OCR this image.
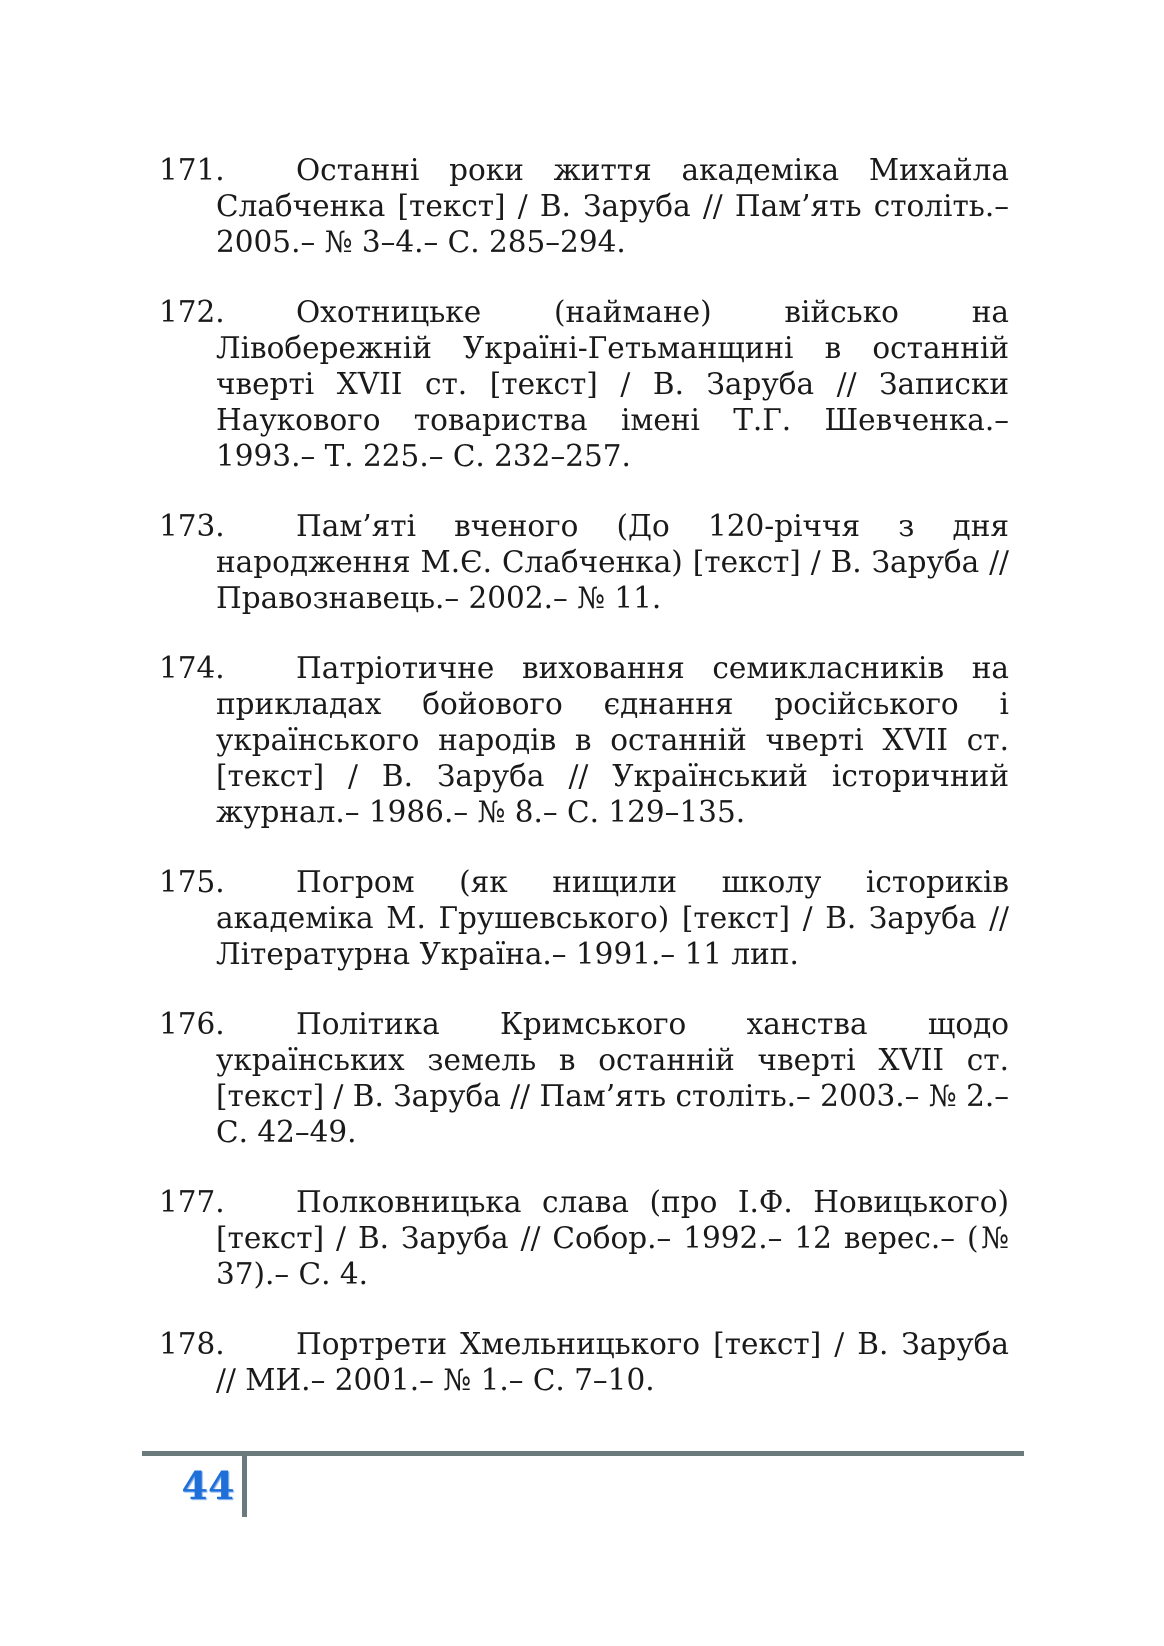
171.	Останні роки життя академіка Михайла Слабченка [текст] / В. Заруба // Пам’ять століть.– 2005.– № 3–4.– С. 285–294.
172.	Охотницьке (наймане) військо на Лівобережній Україні-Гетьманщині в останній чверті XVII ст. [текст] / В. Заруба // Записки Наукового товариства імені Т.Г. Шевченка.– 1993.– Т. 225.– С. 232–257.
173.	Пам’яті вченого (До 120-річчя з дня народження М.Є. Слабченка) [текст] / В. Заруба // Правознавець.– 2002.– № 11.
174.	Патріотичне виховання семикласників на прикладах бойового єднання російського і українського народів в останній чверті XVII ст. [текст] / В. Заруба // Український історичний журнал.– 1986.– № 8.– С. 129–135.
175.	Погром (як нищили школу істориків академіка М. Грушевського) [текст] / В. Заруба // Літературна Україна.– 1991.– 11 лип.
176.	Політика Кримського ханства щодо українських земель в останній чверті XVII ст. [текст] / В. Заруба // Пам’ять століть.– 2003.– № 2.– С. 42–49.
177.	Полковницька слава (про І.Ф. Новицького) [текст] / В. Заруба // Собор.– 1992.– 12 верес.– (№ 37).– С. 4.
178.	Портрети Хмельницького [текст] / В. Заруба // МИ.– 2001.– № 1.– С. 7–10.
44
